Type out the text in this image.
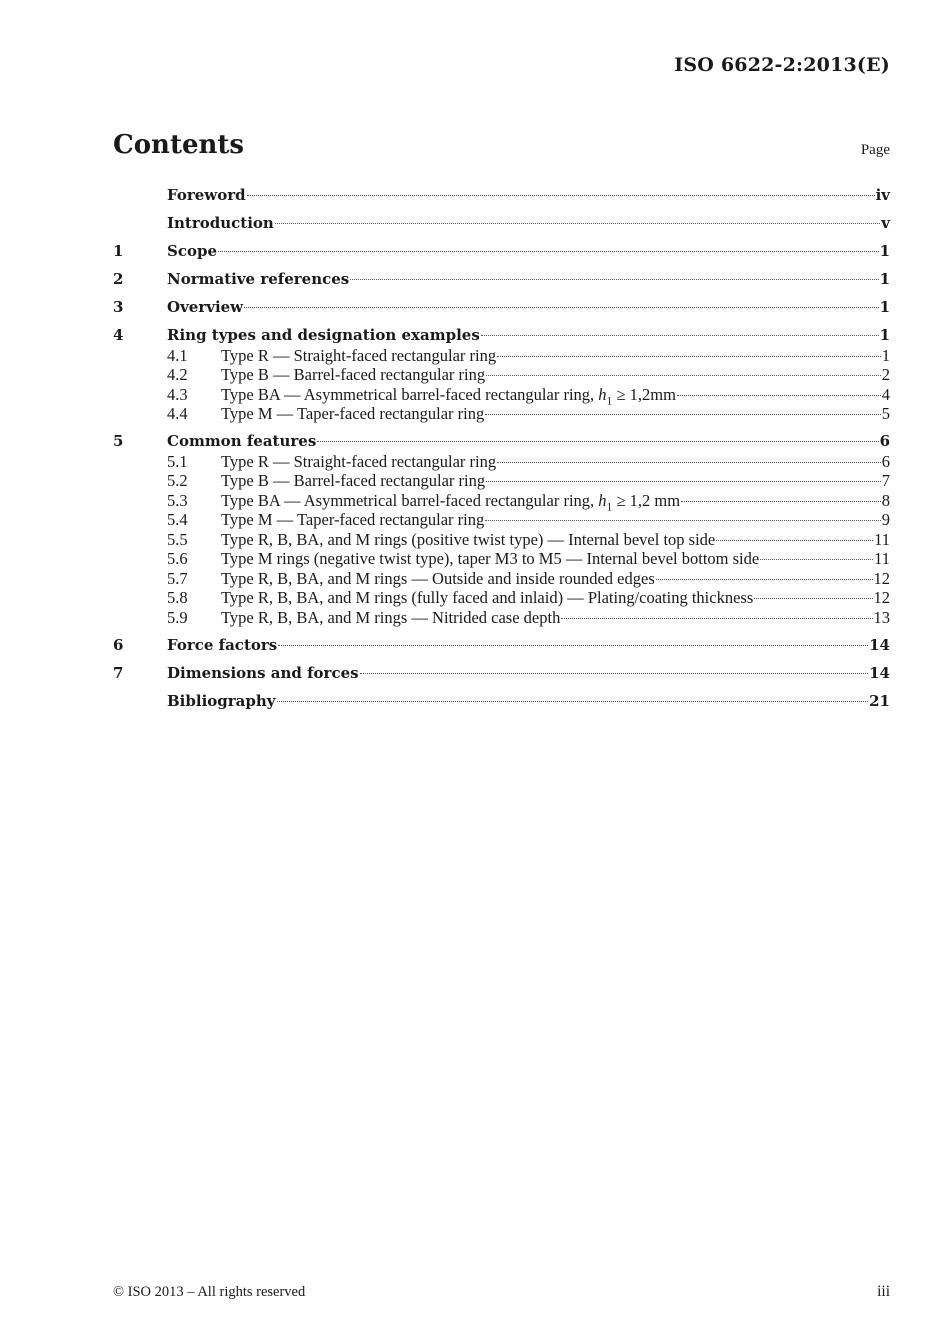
ISO 6622-2:2013(E)
Contents	Page
Foreword	iv
Introduction	v
1	Scope	1
2	Normative references	1
3	Overview	1
4	Ring types and designation examples	1
4.1	Type R — Straight-faced rectangular ring	1
4.2	Type B — Barrel-faced rectangular ring	2
4.3	Type BA — Asymmetrical barrel-faced rectangular ring, $h_1 \ge 1,2mm$	4
4.4	Type M — Taper-faced rectangular ring	5
5	Common features	6
5.1	Type R — Straight-faced rectangular ring	6
5.2	Type B — Barrel-faced rectangular ring	7
5.3	Type BA — Asymmetrical barrel-faced rectangular ring, $h_1 \ge 1,2$ mm	8
5.4	Type M — Taper-faced rectangular ring	9
5.5	Type R, B, BA, and M rings (positive twist type) — Internal bevel top side	11
5.6	Type M rings (negative twist type), taper M3 to M5 — Internal bevel bottom side	11
5.7	Type R, B, BA, and M rings — Outside and inside rounded edges	12
5.8	Type R, B, BA, and M rings (fully faced and inlaid) — Plating/coating thickness	12
5.9	Type R, B, BA, and M rings — Nitrided case depth	13
6	Force factors	14
7	Dimensions and forces	14
Bibliography	21
© ISO 2013 – All rights reserved	iii
